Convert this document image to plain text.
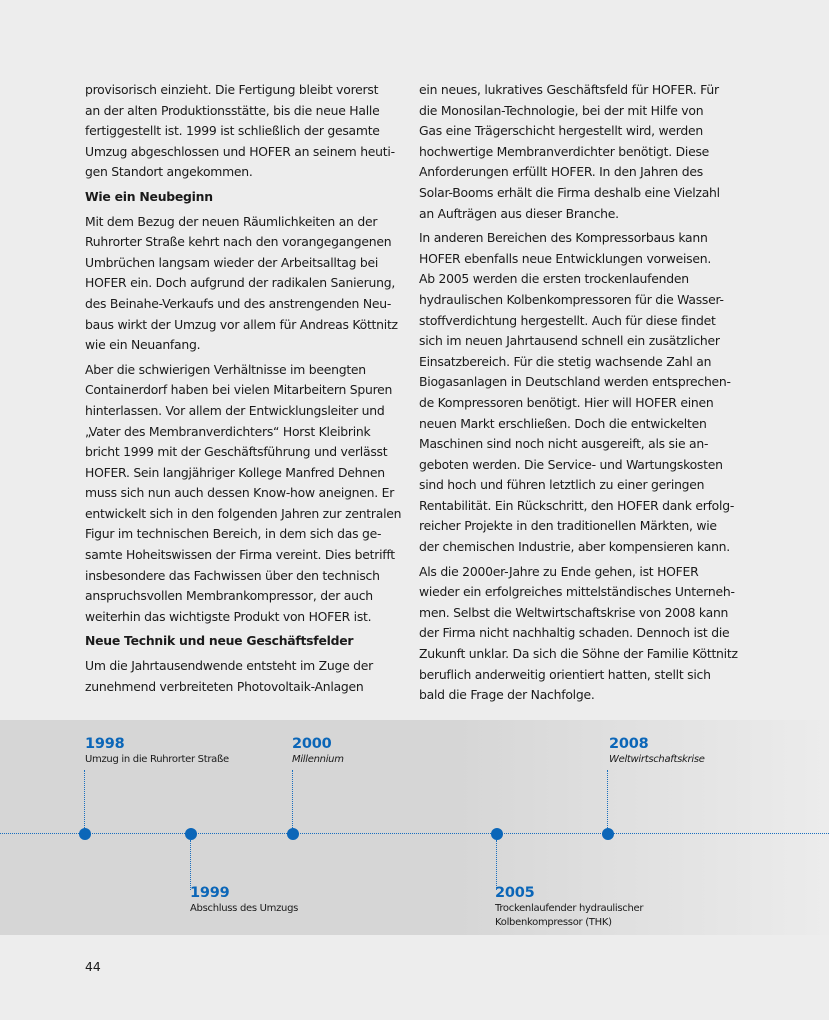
provisorisch einzieht. Die Fertigung bleibt vorerst
an der alten Produktionsstätte, bis die neue Halle
fertiggestellt ist. 1999 ist schließlich der gesamte
Umzug abgeschlossen und HOFER an seinem heuti-
gen Standort angekommen.

Wie ein Neubeginn

Mit dem Bezug der neuen Räumlichkeiten an der
Ruhrorter Straße kehrt nach den vorangegangenen
Umbrüchen langsam wieder der Arbeitsalltag bei
HOFER ein. Doch aufgrund der radikalen Sanierung,
des Beinahe-Verkaufs und des anstrengenden Neu-
baus wirkt der Umzug vor allem für Andreas Köttnitz
wie ein Neuanfang.

Aber die schwierigen Verhältnisse im beengten
Containerdorf haben bei vielen Mitarbeitern Spuren
hinterlassen. Vor allem der Entwicklungsleiter und
„Vater des Membranverdichters“ Horst Kleibrink
bricht 1999 mit der Geschäftsführung und verlässt
HOFER. Sein langjähriger Kollege Manfred Dehnen
muss sich nun auch dessen Know-how aneignen. Er
entwickelt sich in den folgenden Jahren zur zentralen
Figur im technischen Bereich, in dem sich das ge-
samte Hoheitswissen der Firma vereint. Dies betrifft
insbesondere das Fachwissen über den technisch
anspruchsvollen Membrankompressor, der auch
weiterhin das wichtigste Produkt von HOFER ist.

Neue Technik und neue Geschäftsfelder

Um die Jahrtausendwende entsteht im Zuge der
zunehmend verbreiteten Photovoltaik-Anlagen

ein neues, lukratives Geschäftsfeld für HOFER. Für
die Monosilan-Technologie, bei der mit Hilfe von
Gas eine Trägerschicht hergestellt wird, werden
hochwertige Membranverdichter benötigt. Diese
Anforderungen erfüllt HOFER. In den Jahren des
Solar-Booms erhält die Firma deshalb eine Vielzahl
an Aufträgen aus dieser Branche.

In anderen Bereichen des Kompressorbaus kann
HOFER ebenfalls neue Entwicklungen vorweisen.
Ab 2005 werden die ersten trockenlaufenden
hydraulischen Kolbenkompressoren für die Wasser-
stoffverdichtung hergestellt. Auch für diese findet
sich im neuen Jahrtausend schnell ein zusätzlicher
Einsatzbereich. Für die stetig wachsende Zahl an
Biogasanlagen in Deutschland werden entsprechen-
de Kompressoren benötigt. Hier will HOFER einen
neuen Markt erschließen. Doch die entwickelten
Maschinen sind noch nicht ausgereift, als sie an-
geboten werden. Die Service- und Wartungskosten
sind hoch und führen letztlich zu einer geringen
Rentabilität. Ein Rückschritt, den HOFER dank erfolg-
reicher Projekte in den traditionellen Märkten, wie
der chemischen Industrie, aber kompensieren kann.

Als die 2000er-Jahre zu Ende gehen, ist HOFER
wieder ein erfolgreiches mittelständisches Unterneh-
men. Selbst die Weltwirtschaftskrise von 2008 kann
der Firma nicht nachhaltig schaden. Dennoch ist die
Zukunft unklar. Da sich die Söhne der Familie Köttnitz
beruflich anderweitig orientiert hatten, stellt sich
bald die Frage der Nachfolge.

1998
Umzug in die Ruhrorter Straße
1999
Abschluss des Umzugs
2000
Millennium
2005
Trockenlaufender hydraulischer
Kolbenkompressor (THK)
2008
Weltwirtschaftskrise
44
